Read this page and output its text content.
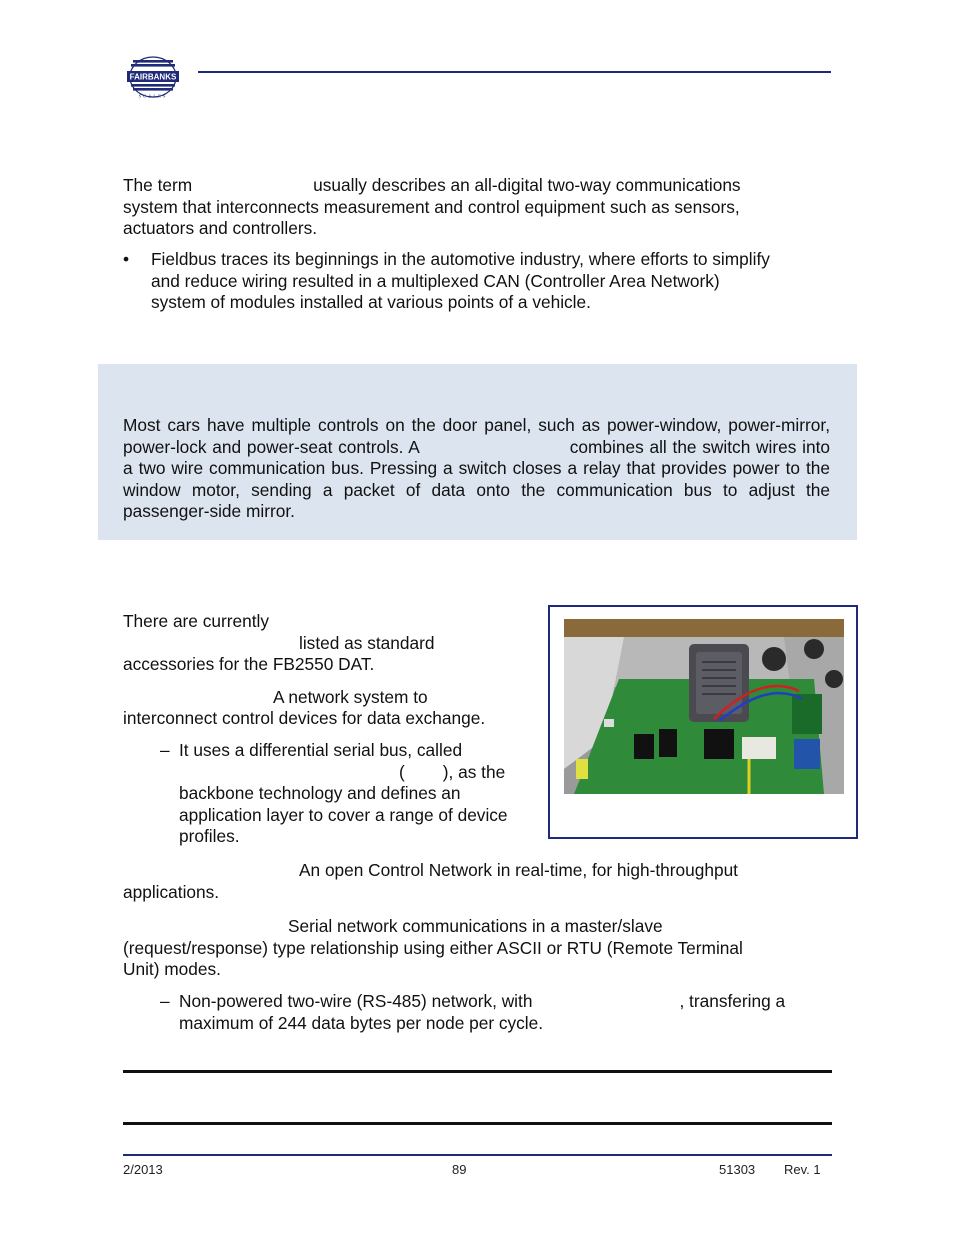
FAIRBANKS
SCALES
The term	usually describes an all-digital two-way communications
system that interconnects measurement and control equipment such as sensors,
actuators and controllers.
• Fieldbus traces its beginnings in the automotive industry, where efforts to simplify
and reduce wiring resulted in a multiplexed CAN (Controller Area Network)
system of modules installed at various points of a vehicle.
Most cars have multiple controls on the door panel, such as power-window, power-mirror, power-lock and power-seat controls. A	combines all the switch wires into a two wire communication bus. Pressing a switch closes a relay that provides power to the window motor, sending a packet of data onto the communication bus to adjust the passenger-side mirror.
There are currently
listed as standard
accessories for the FB2550 DAT.
A network system to
interconnect control devices for data exchange.
– It uses a differential serial bus, called
( ), as the
backbone technology and defines an
application layer to cover a range of device
profiles.
An open Control Network in real-time, for high-throughput
applications.
Serial network communications in a master/slave
(request/response) type relationship using either ASCII or RTU (Remote Terminal
Unit) modes.
– Non-powered two-wire (RS-485) network, with	, transfering a
maximum of 244 data bytes per node per cycle.
2/2013	89	51303 Rev. 1
